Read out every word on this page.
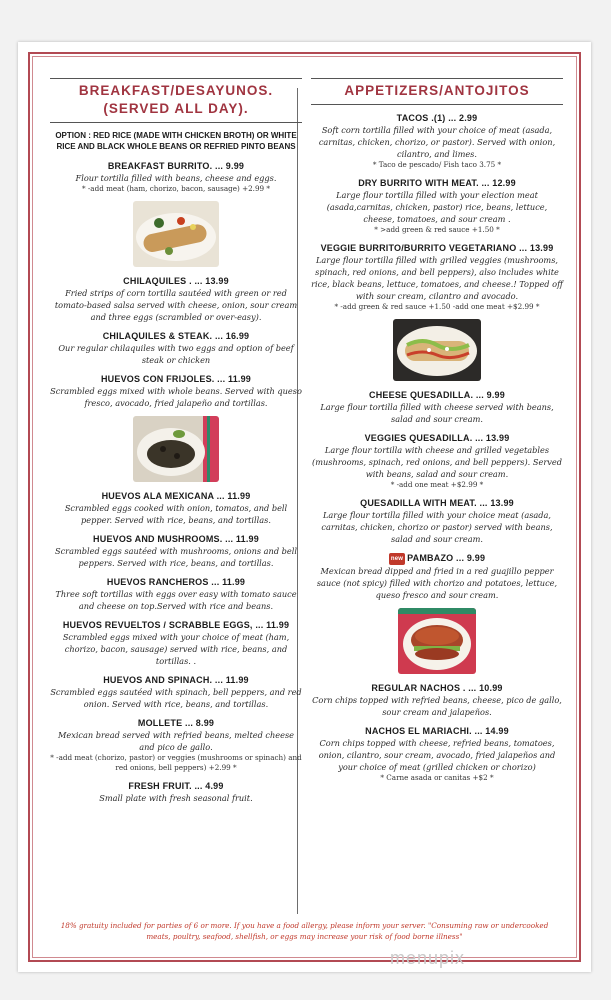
BREAKFAST/DESAYUNOS.
(SERVED ALL DAY).
OPTION : RED RICE (MADE WITH CHICKEN BROTH) OR WHITE RICE AND BLACK WHOLE BEANS OR REFRIED PINTO BEANS
BREAKFAST BURRITO. ... 9.99
Flour tortilla filled with beans, cheese and eggs.
* -add meat (ham, chorizo, bacon, sausage) +2.99 *
CHILAQUILES . ... 13.99
Fried strips of corn tortilla sautéed with green or red tomato-based salsa served with cheese, onion, sour cream and three eggs (scrambled or over-easy).
CHILAQUILES & STEAK. ... 16.99
Our regular chilaquiles with two eggs and option of beef steak or chicken
HUEVOS CON FRIJOLES. ... 11.99
Scrambled eggs mixed with whole beans. Served with queso fresco, avocado, fried jalapeño and tortillas.
HUEVOS ALA MEXICANA ... 11.99
Scrambled eggs cooked with onion, tomatos, and bell pepper. Served with rice, beans, and tortillas.
HUEVOS AND MUSHROOMS. ... 11.99
Scrambled eggs sautéed with mushrooms, onions and bell peppers. Served with rice, beans, and tortillas.
HUEVOS RANCHEROS ... 11.99
Three soft tortillas with eggs over easy with tomato sauce and cheese on top.Served with rice and beans.
HUEVOS REVUELTOS / SCRABBLE EGGS, ... 11.99
Scrambled eggs mixed with your choice of meat (ham, chorizo, bacon, sausage) served with rice, beans, and tortillas. .
HUEVOS AND SPINACH. ... 11.99
Scrambled eggs sautéed with spinach, bell peppers, and red onion. Served with rice, beans, and tortillas.
MOLLETE ... 8.99
Mexican bread served with refried beans, melted cheese and pico de gallo.
* -add meat (chorizo, pastor) or veggies (mushrooms or spinach) and red onions, bell peppers) +2.99 *
FRESH FRUIT. ... 4.99
Small plate with fresh seasonal fruit.
APPETIZERS/ANTOJITOS
TACOS .(1) ... 2.99
Soft corn tortilla filled with your choice of meat (asada, carnitas, chicken, chorizo, or pastor). Served with onion, cilantro, and limes.
* Taco de pescado/ Fish taco 3.75 *
DRY BURRITO WITH MEAT. ... 12.99
Large flour tortilla filled with your election meat (asada,carnitas, chicken, pastor) rice, beans, lettuce, cheese, tomatoes, and sour cream .
* >add green & red sauce +1.50 *
VEGGIE BURRITO/BURRITO VEGETARIANO ... 13.99
Large flour tortilla filled with grilled veggies (mushrooms, spinach, red onions, and bell peppers), also includes white rice, black beans, lettuce, tomatoes, and cheese.! Topped off with sour cream, cilantro and avocado.
* -add green & red sauce +1.50 -add one meat +$2.99 *
CHEESE QUESADILLA. ... 9.99
Large flour tortilla filled with cheese served with beans, salad and sour cream.
VEGGIES QUESADILLA. ... 13.99
Large flour tortilla with cheese and grilled vegetables (mushrooms, spinach, red onions, and bell peppers). Served with beans, salad and sour cream.
* -add one meat +$2.99 *
QUESADILLA WITH MEAT. ... 13.99
Large flour tortilla filled with your choice meat (asada, carnitas, chicken, chorizo or pastor) served with beans, salad and sour cream.
new PAMBAZO ... 9.99
Mexican bread dipped and fried in a red guajillo pepper sauce (not spicy) filled with chorizo and potatoes, lettuce, queso fresco and sour cream.
REGULAR NACHOS . ... 10.99
Corn chips topped with refried beans, cheese, pico de gallo, sour cream and jalapeños.
NACHOS EL MARIACHI. ... 14.99
Corn chips topped with cheese, refried beans, tomatoes, onion, cilantro, sour cream, avocado, fried jalapeños and your choice of meat (grilled chicken or chorizo)
* Carne asada or canitas +$2 *
18% gratuity included for parties of 6 or more. If you have a food allergy, please inform your server. "Consuming raw or undercooked meats, poultry, seafood, shellfish, or eggs may increase your risk of food borne illness"
menupix
